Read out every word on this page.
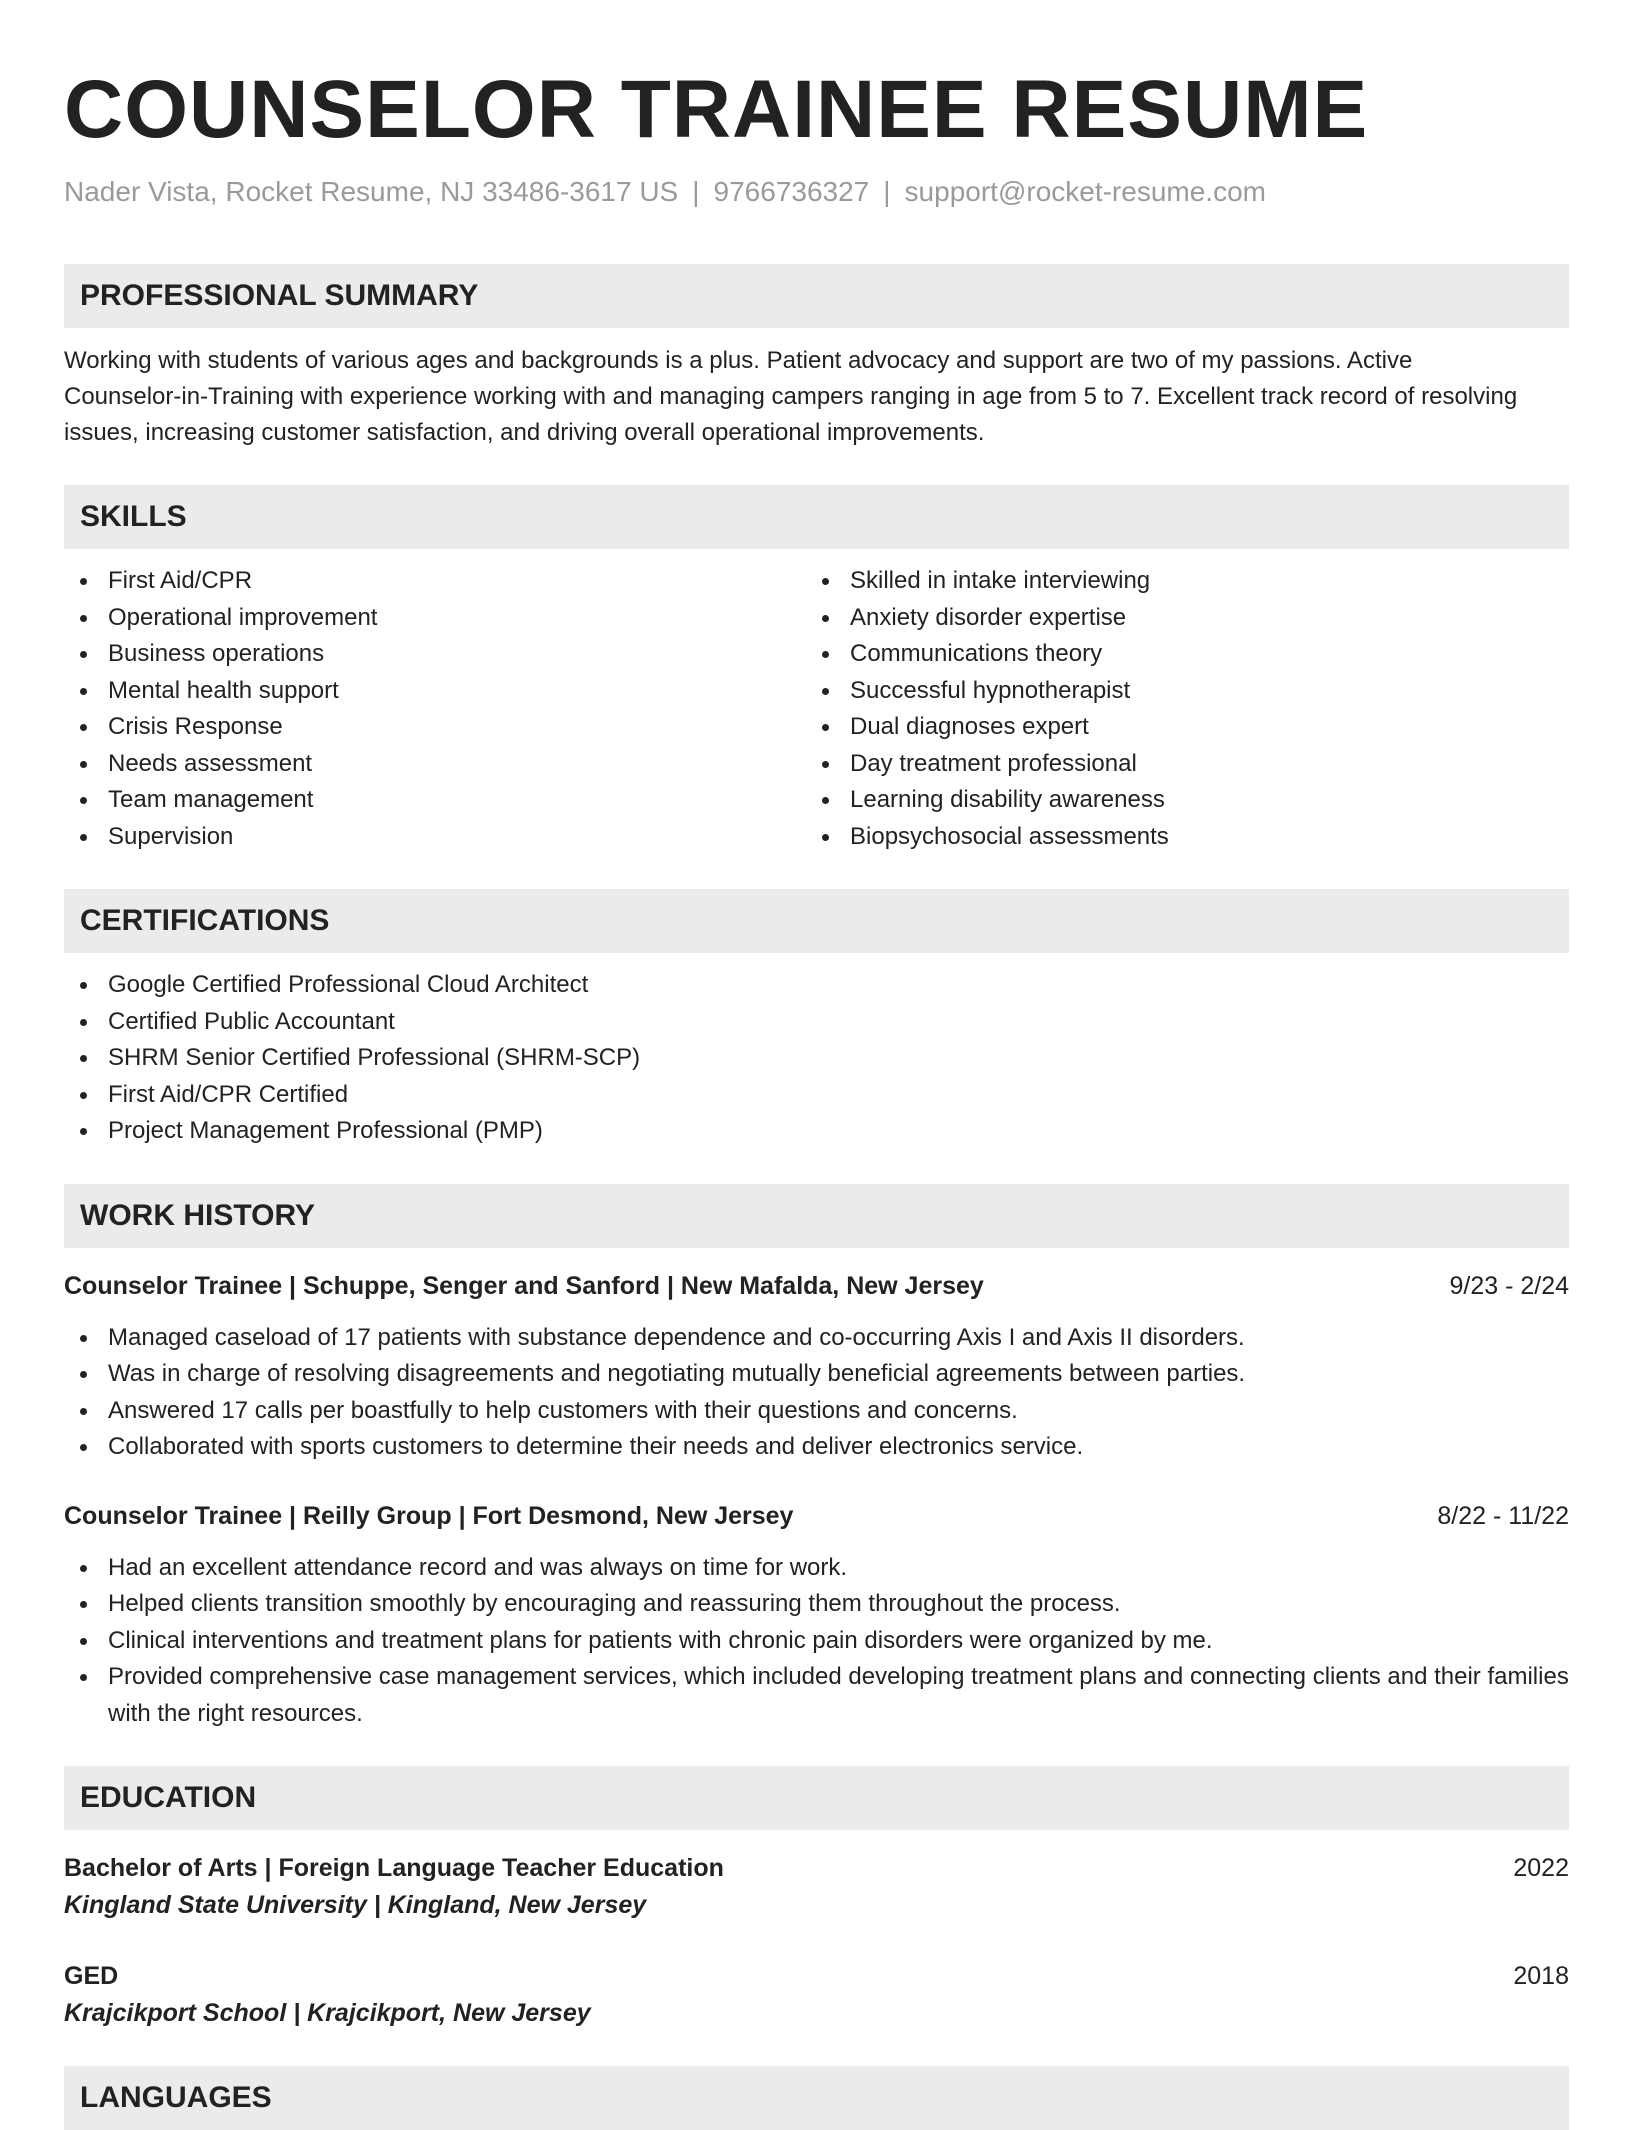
COUNSELOR TRAINEE RESUME
Nader Vista, Rocket Resume, NJ 33486-3617 US | 9766736327 | support@rocket-resume.com
PROFESSIONAL SUMMARY
Working with students of various ages and backgrounds is a plus. Patient advocacy and support are two of my passions. Active Counselor-in-Training with experience working with and managing campers ranging in age from 5 to 7. Excellent track record of resolving issues, increasing customer satisfaction, and driving overall operational improvements.
SKILLS
First Aid/CPR
Operational improvement
Business operations
Mental health support
Crisis Response
Needs assessment
Team management
Supervision
Skilled in intake interviewing
Anxiety disorder expertise
Communications theory
Successful hypnotherapist
Dual diagnoses expert
Day treatment professional
Learning disability awareness
Biopsychosocial assessments
CERTIFICATIONS
Google Certified Professional Cloud Architect
Certified Public Accountant
SHRM Senior Certified Professional (SHRM-SCP)
First Aid/CPR Certified
Project Management Professional (PMP)
WORK HISTORY
Counselor Trainee | Schuppe, Senger and Sanford | New Mafalda, New Jersey	9/23 - 2/24
Managed caseload of 17 patients with substance dependence and co-occurring Axis I and Axis II disorders.
Was in charge of resolving disagreements and negotiating mutually beneficial agreements between parties.
Answered 17 calls per boastfully to help customers with their questions and concerns.
Collaborated with sports customers to determine their needs and deliver electronics service.
Counselor Trainee | Reilly Group | Fort Desmond, New Jersey	8/22 - 11/22
Had an excellent attendance record and was always on time for work.
Helped clients transition smoothly by encouraging and reassuring them throughout the process.
Clinical interventions and treatment plans for patients with chronic pain disorders were organized by me.
Provided comprehensive case management services, which included developing treatment plans and connecting clients and their families with the right resources.
EDUCATION
Bachelor of Arts | Foreign Language Teacher Education	2022
Kingland State University | Kingland, New Jersey
GED	2018
Krajcikport School | Krajcikport, New Jersey
LANGUAGES
